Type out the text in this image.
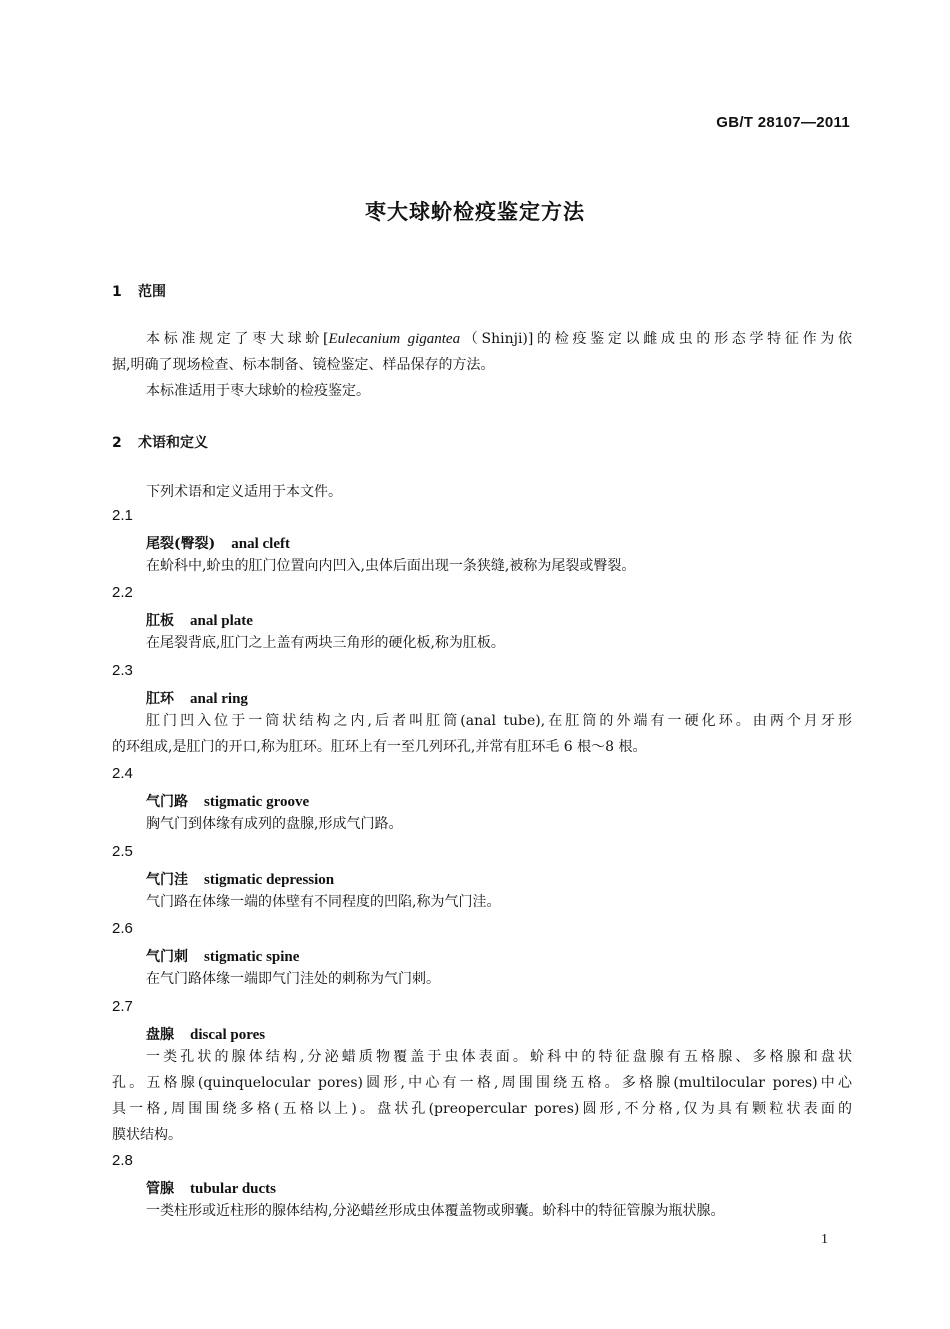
GB/T 28107—2011
枣大球蚧检疫鉴定方法
1 范围
本标准规定了枣大球蚧[Eulecanium gigantea（Shinji)]的检疫鉴定以雌成虫的形态学特征作为依
据,明确了现场检查、标本制备、镜检鉴定、样品保存的方法。
本标准适用于枣大球蚧的检疫鉴定。
2 术语和定义
下列术语和定义适用于本文件。
2.1
尾裂(臀裂) anal cleft
在蚧科中,蚧虫的肛门位置向内凹入,虫体后面出现一条狭缝,被称为尾裂或臀裂。
2.2
肛板 anal plate
在尾裂背底,肛门之上盖有两块三角形的硬化板,称为肛板。
2.3
肛环 anal ring
肛门凹入位于一筒状结构之内,后者叫肛筒(anal tube),在肛筒的外端有一硬化环。由两个月牙形
的环组成,是肛门的开口,称为肛环。肛环上有一至几列环孔,并常有肛环毛 6 根～8 根。
2.4
气门路 stigmatic groove
胸气门到体缘有成列的盘腺,形成气门路。
2.5
气门洼 stigmatic depression
气门路在体缘一端的体壁有不同程度的凹陷,称为气门洼。
2.6
气门刺 stigmatic spine
在气门路体缘一端即气门洼处的刺称为气门刺。
2.7
盘腺 discal pores
一类孔状的腺体结构,分泌蜡质物覆盖于虫体表面。蚧科中的特征盘腺有五格腺、多格腺和盘状
孔。五格腺(quinquelocular pores)圆形,中心有一格,周围围绕五格。多格腺(multilocular pores)中心
具一格,周围围绕多格(五格以上)。盘状孔(preopercular pores)圆形,不分格,仅为具有颗粒状表面的
膜状结构。
2.8
管腺 tubular ducts
一类柱形或近柱形的腺体结构,分泌蜡丝形成虫体覆盖物或卵囊。蚧科中的特征管腺为瓶状腺。
1
